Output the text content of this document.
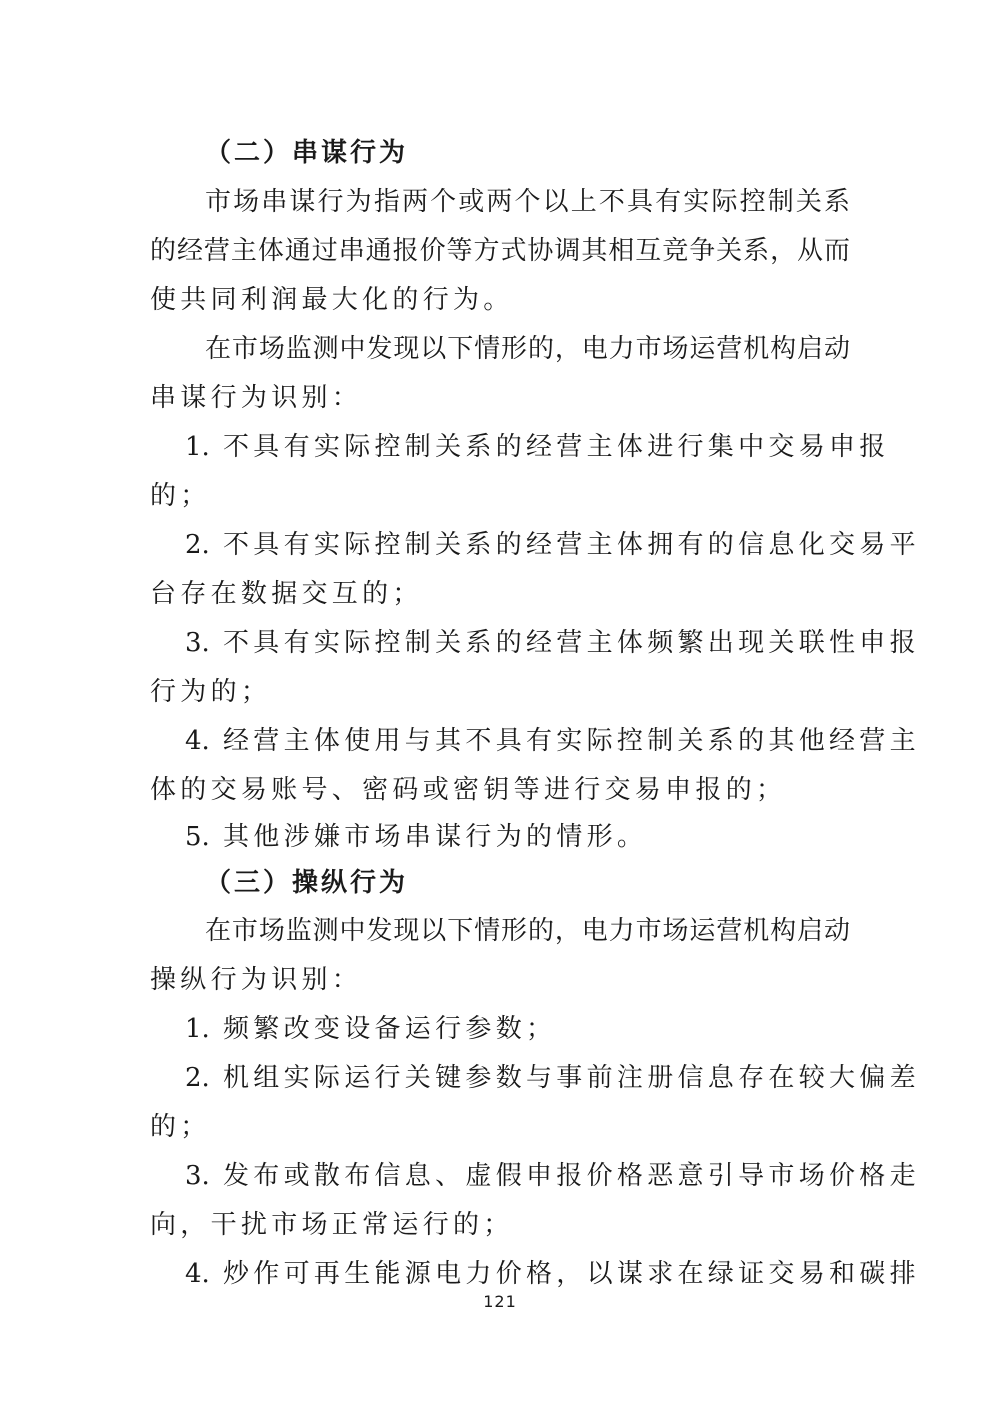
（二）串谋行为
市场串谋行为指两个或两个以上不具有实际控制关系
的经营主体通过串通报价等方式协调其相互竞争关系，从而
使共同利润最大化的行为。
在市场监测中发现以下情形的，电力市场运营机构启动
串谋行为识别：
1. 不具有实际控制关系的经营主体进行集中交易申报
的；
2. 不具有实际控制关系的经营主体拥有的信息化交易平
台存在数据交互的；
3. 不具有实际控制关系的经营主体频繁出现关联性申报
行为的；
4. 经营主体使用与其不具有实际控制关系的其他经营主
体的交易账号、密码或密钥等进行交易申报的；
5. 其他涉嫌市场串谋行为的情形。
（三）操纵行为
在市场监测中发现以下情形的，电力市场运营机构启动
操纵行为识别：
1. 频繁改变设备运行参数；
2. 机组实际运行关键参数与事前注册信息存在较大偏差
的；
3. 发布或散布信息、虚假申报价格恶意引导市场价格走
向，干扰市场正常运行的；
4. 炒作可再生能源电力价格，以谋求在绿证交易和碳排
121
